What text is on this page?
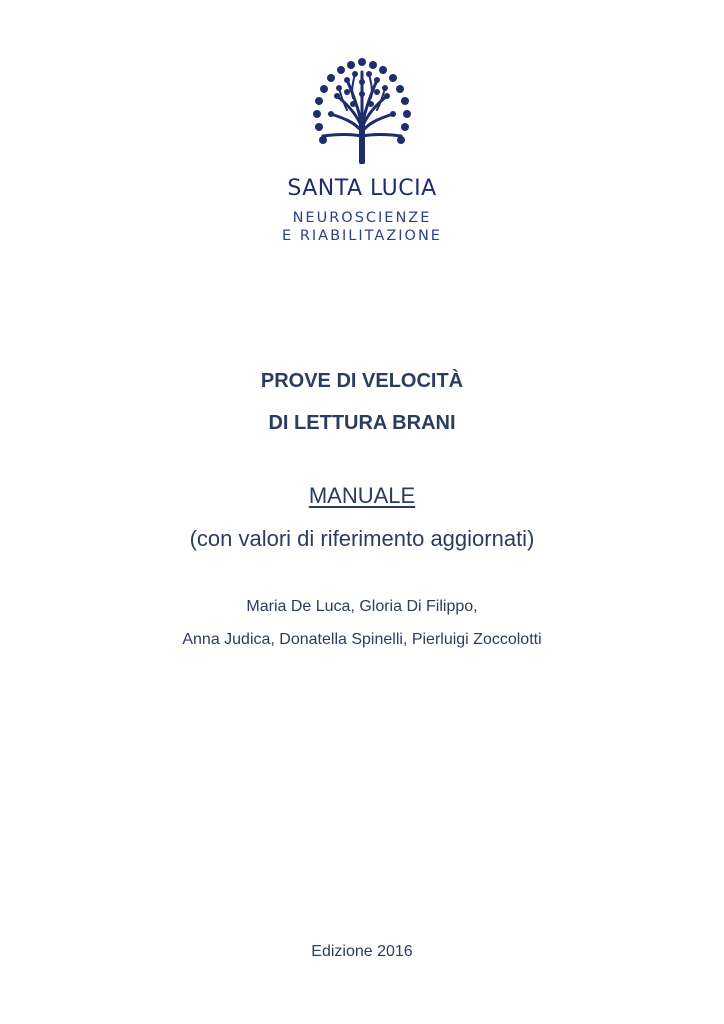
SANTA LUCIA
NEUROSCIENZE
E RIABILITAZIONE
PROVE DI VELOCITÀ
DI LETTURA BRANI
MANUALE
(con valori di riferimento aggiornati)
Maria De Luca, Gloria Di Filippo,
Anna Judica, Donatella Spinelli, Pierluigi Zoccolotti
Edizione 2016
